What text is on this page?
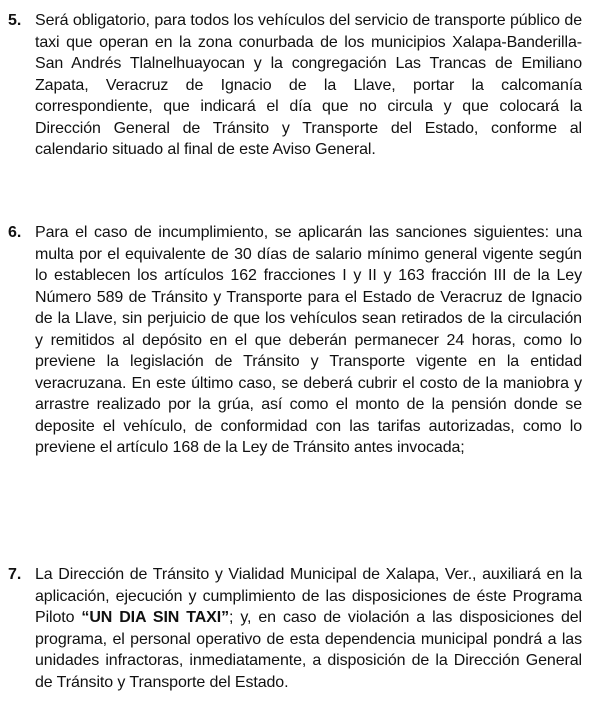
5. Será obligatorio, para todos los vehículos del servicio de transporte público de taxi que operan en la zona conurbada de los municipios Xalapa-Banderilla-San Andrés Tlalnelhuayocan y la congregación Las Trancas de Emiliano Zapata, Veracruz de Ignacio de la Llave, portar la calcomanía correspondiente, que indicará el día que no circula y que colocará la Dirección General de Tránsito y Transporte del Estado, conforme al calendario situado al final de este Aviso General.
6. Para el caso de incumplimiento, se aplicarán las sanciones siguientes: una multa por el equivalente de 30 días de salario mínimo general vigente según lo establecen los artículos 162 fracciones I y II y 163 fracción III de la Ley Número 589 de Tránsito y Transporte para el Estado de Veracruz de Ignacio de la Llave, sin perjuicio de que los vehículos sean retirados de la circulación y remitidos al depósito en el que deberán permanecer 24 horas, como lo previene la legislación de Tránsito y Transporte vigente en la entidad veracruzana. En este último caso, se deberá cubrir el costo de la maniobra y arrastre realizado por la grúa, así como el monto de la pensión donde se deposite el vehículo, de conformidad con las tarifas autorizadas, como lo previene el artículo 168 de la Ley de Tránsito antes invocada;
7. La Dirección de Tránsito y Vialidad Municipal de Xalapa, Ver., auxiliará en la aplicación, ejecución y cumplimiento de las disposiciones de éste Programa Piloto “UN DIA SIN TAXI”; y, en caso de violación a las disposiciones del programa, el personal operativo de esta dependencia municipal pondrá a las unidades infractoras, inmediatamente, a disposición de la Dirección General de Tránsito y Transporte del Estado.
